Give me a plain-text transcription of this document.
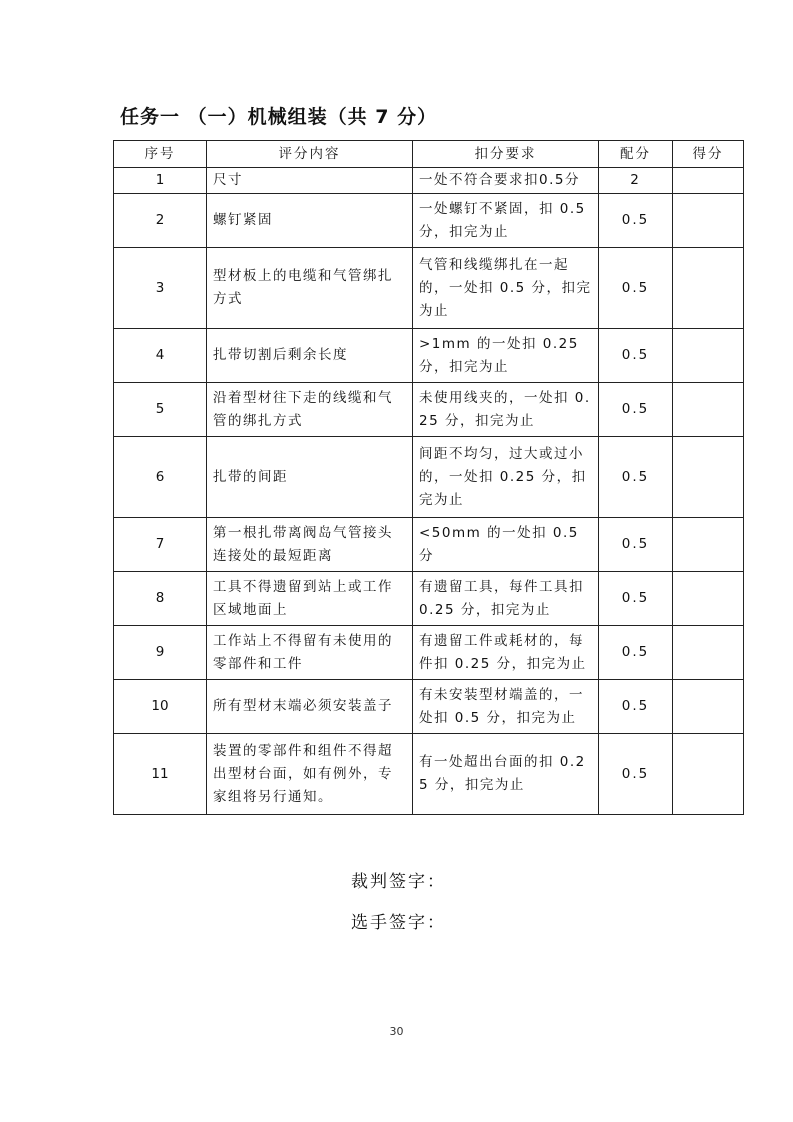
任务一 （一）机械组装（共 7 分）
序号	评分内容	扣分要求	配分	得分
1	尺寸	一处不符合要求扣0.5分	2	
2	螺钉紧固	一处螺钉不紧固，扣 0.5 分，扣完为止	0.5	
3	型材板上的电缆和气管绑扎方式	气管和线缆绑扎在一起的，一处扣 0.5 分，扣完为止	0.5	
4	扎带切割后剩余长度	>1mm 的一处扣 0.25 分，扣完为止	0.5	
5	沿着型材往下走的线缆和气管的绑扎方式	未使用线夹的，一处扣 0.25 分，扣完为止	0.5	
6	扎带的间距	间距不均匀，过大或过小的，一处扣 0.25 分，扣完为止	0.5	
7	第一根扎带离阀岛气管接头连接处的最短距离	<50mm 的一处扣 0.5 分	0.5	
8	工具不得遗留到站上或工作区域地面上	有遗留工具，每件工具扣 0.25 分，扣完为止	0.5	
9	工作站上不得留有未使用的零部件和工件	有遗留工件或耗材的，每件扣 0.25 分，扣完为止	0.5	
10	所有型材末端必须安装盖子	有未安装型材端盖的，一处扣 0.5 分，扣完为止	0.5	
11	装置的零部件和组件不得超出型材台面，如有例外，专家组将另行通知。	有一处超出台面的扣 0.25 分，扣完为止	0.5	
裁判签字：
选手签字：
30
